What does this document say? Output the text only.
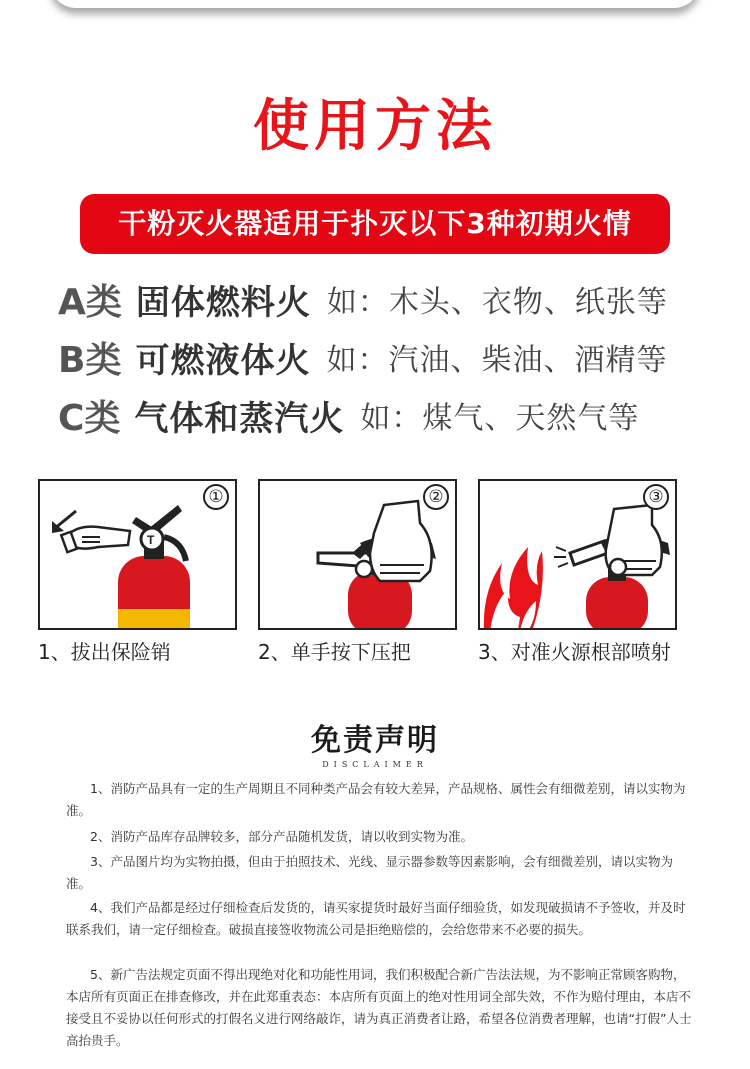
使用方法
干粉灭火器适用于扑灭以下3种初期火情
A类 固体燃料火 如：木头、衣物、纸张等
B类 可燃液体火 如：汽油、柴油、酒精等
C类 气体和蒸汽火 如：煤气、天然气等
T
①	②	③
1、拔出保险销	2、单手按下压把	3、对准火源根部喷射
免责声明
DISCLAIMER
1、消防产品具有一定的生产周期且不同种类产品会有较大差异，产品规格、属性会有细微差别，请以实物为准。
2、消防产品库存品牌较多，部分产品随机发货，请以收到实物为准。
3、产品图片均为实物拍摄，但由于拍照技术、光线、显示器参数等因素影响，会有细微差别，请以实物为准。
4、我们产品都是经过仔细检查后发货的，请买家提货时最好当面仔细验货，如发现破损请不予签收，并及时联系我们，请一定仔细检查。破损直接签收物流公司是拒绝赔偿的，会给您带来不必要的损失。
5、新广告法规定页面不得出现绝对化和功能性用词，我们积极配合新广告法法规，为不影响正常顾客购物，本店所有页面正在排查修改，并在此郑重表态：本店所有页面上的绝对性用词全部失效，不作为赔付理由，本店不接受且不妥协以任何形式的打假名义进行网络敲诈，请为真正消费者让路，希望各位消费者理解，也请“打假”人士高抬贵手。
